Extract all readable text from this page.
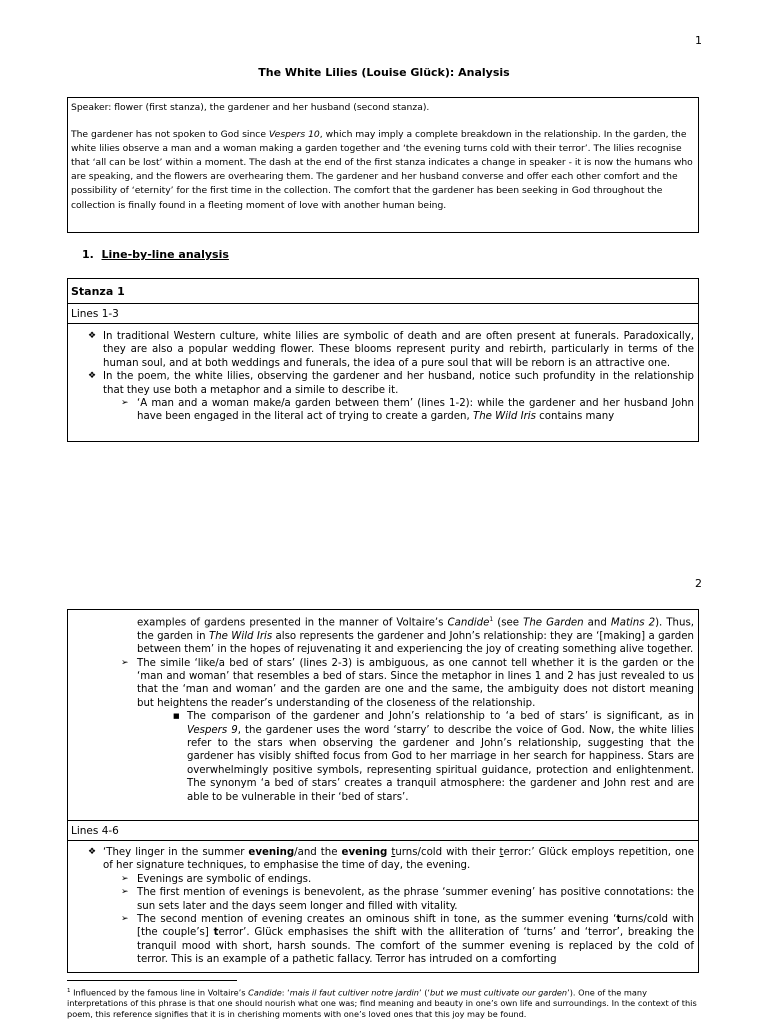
1
The White Lilies (Louise Glück): Analysis

Speaker: flower (first stanza), the gardener and her husband (second stanza).

The gardener has not spoken to God since Vespers 10, which may imply a complete breakdown in the relationship. In the garden, the white lilies observe a man and a woman making a garden together and ‘the evening turns cold with their terror’. The lilies recognise that ‘all can be lost’ within a moment. The dash at the end of the first stanza indicates a change in speaker - it is now the humans who are speaking, and the flowers are overhearing them. The gardener and her husband converse and offer each other comfort and the possibility of ‘eternity’ for the first time in the collection. The comfort that the gardener has been seeking in God throughout the collection is finally found in a fleeting moment of love with another human being.

1. Line-by-line analysis
Stanza 1
Lines 1-3
❖ In traditional Western culture, white lilies are symbolic of death and are often present at funerals. Paradoxically, they are also a popular wedding flower. These blooms represent purity and rebirth, particularly in terms of the human soul, and at both weddings and funerals, the idea of a pure soul that will be reborn is an attractive one.
❖ In the poem, the white lilies, observing the gardener and her husband, notice such profundity in the relationship that they use both a metaphor and a simile to describe it.
➢ ‘A man and a woman make/a garden between them’ (lines 1-2): while the gardener and her husband John have been engaged in the literal act of trying to create a garden, The Wild Iris contains many
2
examples of gardens presented in the manner of Voltaire’s Candide$^1$ (see The Garden and Matins 2). Thus, the garden in The Wild Iris also represents the gardener and John’s relationship: they are ‘[making] a garden between them’ in the hopes of rejuvenating it and experiencing the joy of creating something alive together.
➢ The simile ‘like/a bed of stars’ (lines 2-3) is ambiguous, as one cannot tell whether it is the garden or the ‘man and woman’ that resembles a bed of stars. Since the metaphor in lines 1 and 2 has just revealed to us that the ‘man and woman’ and the garden are one and the same, the ambiguity does not distort meaning but heightens the reader’s understanding of the closeness of the relationship.
■ The comparison of the gardener and John’s relationship to ‘a bed of stars’ is significant, as in Vespers 9, the gardener uses the word ‘starry’ to describe the voice of God. Now, the white lilies refer to the stars when observing the gardener and John’s relationship, suggesting that the gardener has visibly shifted focus from God to her marriage in her search for happiness. Stars are overwhelmingly positive symbols, representing spiritual guidance, protection and enlightenment. The synonym ‘a bed of stars’ creates a tranquil atmosphere: the gardener and John rest and are able to be vulnerable in their ‘bed of stars’.
Lines 4-6
❖ ‘They linger in the summer evening/and the evening turns/cold with their terror:’ Glück employs repetition, one of her signature techniques, to emphasise the time of day, the evening.
➢ Evenings are symbolic of endings.
➢ The first mention of evenings is benevolent, as the phrase ‘summer evening’ has positive connotations: the sun sets later and the days seem longer and filled with vitality.
➢ The second mention of evening creates an ominous shift in tone, as the summer evening ‘turns/cold with [the couple’s] terror’. Glück emphasises the shift with the alliteration of ‘turns’ and ‘terror’, breaking the tranquil mood with short, harsh sounds. The comfort of the summer evening is replaced by the cold of terror. This is an example of a pathetic fallacy. Terror has intruded on a comforting
$^1$ Influenced by the famous line in Voltaire’s Candide: ‘mais il faut cultiver notre jardin’ (‘but we must cultivate our garden’). One of the many interpretations of this phrase is that one should nourish what one was; find meaning and beauty in one’s own life and surroundings. In the context of this poem, this reference signifies that it is in cherishing moments with one’s loved ones that this joy may be found.
